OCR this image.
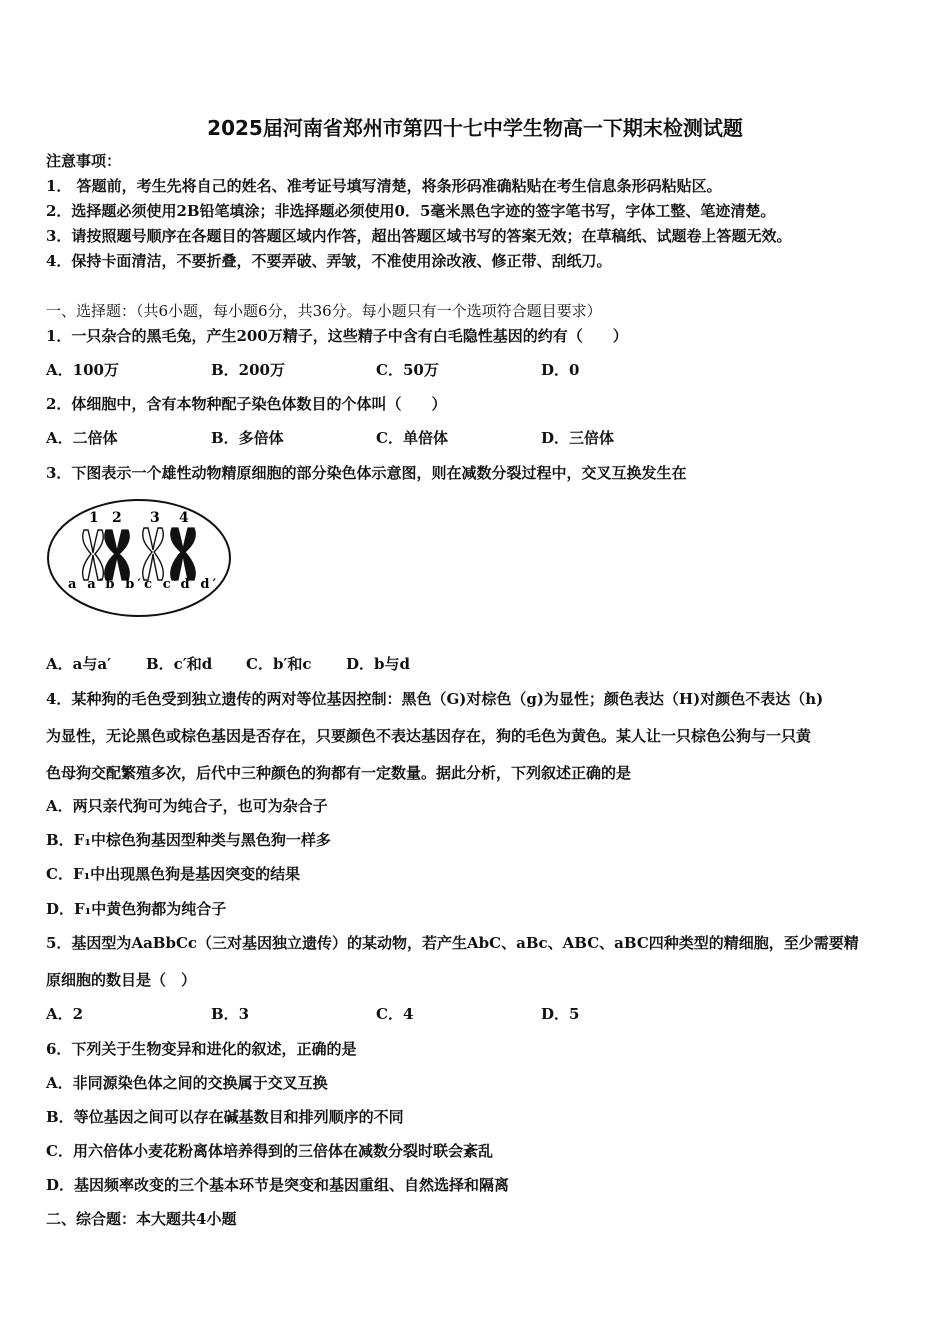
2025届河南省郑州市第四十七中学生物高一下期末检测试题
注意事项：
1． 答题前，考生先将自己的姓名、准考证号填写清楚，将条形码准确粘贴在考生信息条形码粘贴区。
2．选择题必须使用2B铅笔填涂；非选择题必须使用0．5毫米黑色字迹的签字笔书写，字体工整、笔迹清楚。
3．请按照题号顺序在各题目的答题区域内作答，超出答题区域书写的答案无效；在草稿纸、试题卷上答题无效。
4．保持卡面清洁，不要折叠，不要弄破、弄皱，不准使用涂改液、修正带、刮纸刀。
一、选择题：（共6小题，每小题6分，共36分。每小题只有一个选项符合题目要求）
1．一只杂合的黑毛兔，产生200万精子，这些精子中含有白毛隐性基因的约有（　　）
A．100万	B．200万	C．50万	D．0
2．体细胞中，含有本物种配子染色体数目的个体叫（　　）
A．二倍体	B．多倍体	C．单倍体	D．三倍体
3．下图表示一个雄性动物精原细胞的部分染色体示意图，则在减数分裂过程中，交叉互换发生在
1 2 3 4
a a′b b′c c′d d′
A．a与a′ B．c′和d C．b′和c D．b与d
4．某种狗的毛色受到独立遗传的两对等位基因控制：黑色（G)对棕色（g)为显性；颜色表达（H)对颜色不表达（h)
为显性，无论黑色或棕色基因是否存在，只要颜色不表达基因存在，狗的毛色为黄色。某人让一只棕色公狗与一只黄
色母狗交配繁殖多次，后代中三种颜色的狗都有一定数量。据此分析，下列叙述正确的是
A．两只亲代狗可为纯合子，也可为杂合子
B．F₁中棕色狗基因型种类与黑色狗一样多
C．F₁中出现黑色狗是基因突变的结果
D．F₁中黄色狗都为纯合子
5．基因型为AaBbCc（三对基因独立遗传）的某动物，若产生AbC、aBc、ABC、aBC四种类型的精细胞，至少需要精
原细胞的数目是（　）
A．2	B．3	C．4	D．5
6．下列关于生物变异和进化的叙述，正确的是
A．非同源染色体之间的交换属于交叉互换
B．等位基因之间可以存在碱基数目和排列顺序的不同
C．用六倍体小麦花粉离体培养得到的三倍体在减数分裂时联会紊乱
D．基因频率改变的三个基本环节是突变和基因重组、自然选择和隔离
二、综合题：本大题共4小题
